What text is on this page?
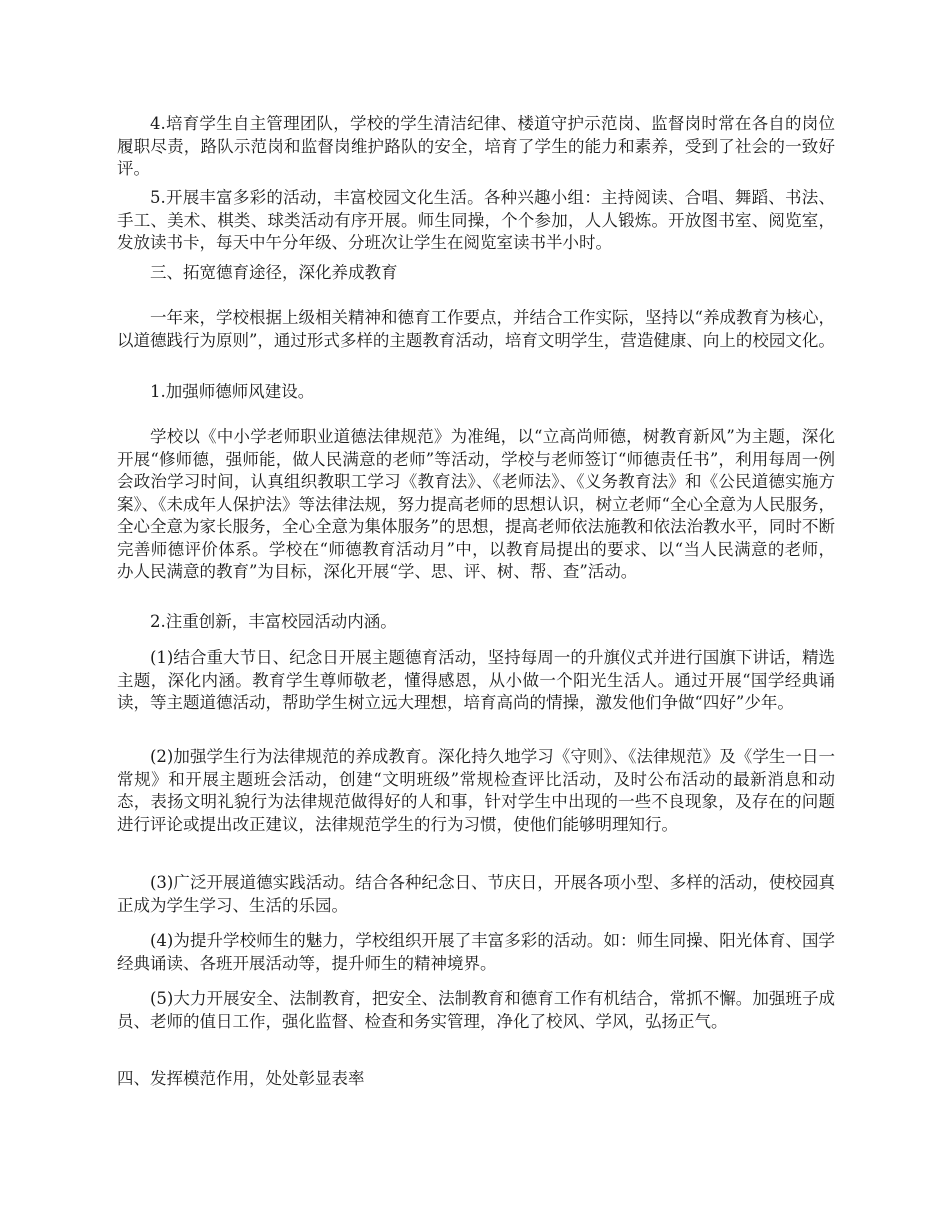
4.培育学生自主管理团队，学校的学生清洁纪律、楼道守护示范岗、监督岗时常在各自的岗位履职尽责，路队示范岗和监督岗维护路队的安全，培育了学生的能力和素养，受到了社会的一致好评。

5.开展丰富多彩的活动，丰富校园文化生活。各种兴趣小组：主持阅读、合唱、舞蹈、书法、手工、美术、棋类、球类活动有序开展。师生同操，个个参加，人人锻炼。开放图书室、阅览室，发放读书卡，每天中午分年级、分班次让学生在阅览室读书半小时。

三、拓宽德育途径，深化养成教育

一年来，学校根据上级相关精神和德育工作要点，并结合工作实际，坚持以“养成教育为核心，以道德践行为原则”，通过形式多样的主题教育活动，培育文明学生，营造健康、向上的校园文化。

1.加强师德师风建设。

学校以《中小学老师职业道德法律规范》为准绳，以“立高尚师德，树教育新风”为主题，深化开展“修师德，强师能，做人民满意的老师”等活动，学校与老师签订“师德责任书”，利用每周一例会政治学习时间，认真组织教职工学习《教育法》、《老师法》、《义务教育法》和《公民道德实施方案》、《未成年人保护法》等法律法规，努力提高老师的思想认识，树立老师“全心全意为人民服务，全心全意为家长服务，全心全意为集体服务”的思想，提高老师依法施教和依法治教水平，同时不断完善师德评价体系。学校在“师德教育活动月”中，以教育局提出的要求、以“当人民满意的老师，办人民满意的教育”为目标，深化开展“学、思、评、树、帮、查”活动。

2.注重创新，丰富校园活动内涵。

(1)结合重大节日、纪念日开展主题德育活动，坚持每周一的升旗仪式并进行国旗下讲话，精选主题，深化内涵。教育学生尊师敬老，懂得感恩，从小做一个阳光生活人。通过开展“国学经典诵读，等主题道德活动，帮助学生树立远大理想，培育高尚的情操，激发他们争做“四好”少年。

(2)加强学生行为法律规范的养成教育。深化持久地学习《守则》、《法律规范》及《学生一日一常规》和开展主题班会活动，创建“文明班级”常规检查评比活动，及时公布活动的最新消息和动态，表扬文明礼貌行为法律规范做得好的人和事，针对学生中出现的一些不良现象，及存在的问题进行评论或提出改正建议，法律规范学生的行为习惯，使他们能够明理知行。

(3)广泛开展道德实践活动。结合各种纪念日、节庆日，开展各项小型、多样的活动，使校园真正成为学生学习、生活的乐园。

(4)为提升学校师生的魅力，学校组织开展了丰富多彩的活动。如：师生同操、阳光体育、国学经典诵读、各班开展活动等，提升师生的精神境界。

(5)大力开展安全、法制教育，把安全、法制教育和德育工作有机结合，常抓不懈。加强班子成员、老师的值日工作，强化监督、检查和务实管理，净化了校风、学风，弘扬正气。

四、发挥模范作用，处处彰显表率
